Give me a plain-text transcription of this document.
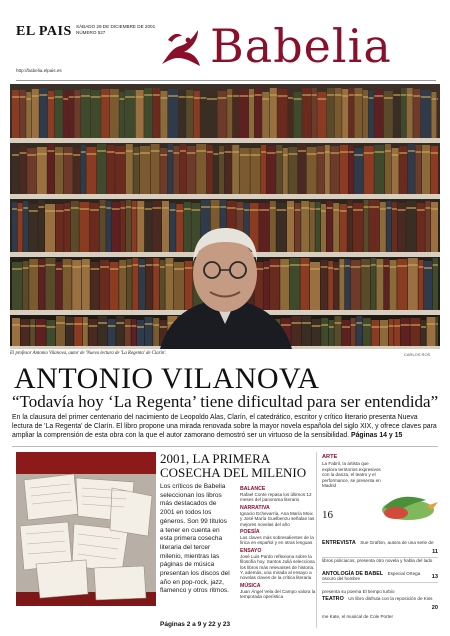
EL PAIS SÁBADO 29 DE DICIEMBRE DE 2001
NÚMERO 527
http://babelia.elpais.es	Babelia
El profesor Antonio Vilanova, autor de 'Nueva lectura de 'La Regenta' de Clarín'.	CARLOS ROS
ANTONIO VILANOVA
“Todavía hoy ‘La Regenta’ tiene dificultad para ser entendida”
En la clausura del primer centenario del nacimiento de Leopoldo Alas, Clarín, el catedrático, escritor y crítico literario presenta Nueva lectura de 'La Regenta' de Clarín. El libro propone una mirada renovada sobre la mayor novela española del siglo XIX, y ofrece claves para ampliar la comprensión de esta obra con la que el autor zamorano demostró ser un virtuoso de la sensibilidad. Páginas 14 y 15
2001, LA PRIMERA COSECHA DEL MILENIO
Los críticos de Babelia seleccionan los libros más destacados de 2001 en todos los géneros. Son 99 títulos a tener en cuenta en esta primera cosecha literaria del tercer milenio, mientras las páginas de música presentan los discos del año en pop-rock, jazz, flamenco y otros ritmos.
Páginas 2 a 9 y 22 y 23
BALANCE
Rafael Conte repasa los últimos 12 meses del panorama literario
NARRATIVA
Ignacio Echevarría, Ana María Moix y José María Guelbenzu señalan las mejores novelas del año
POESÍA
Las claves más sobresalientes de la lírica en español y en otras lenguas
ENSAYO
José Luis Pardo reflexiona sobre la filosofía hoy. Santos Juliá selecciona los libros más relevantes de historia. Y, además, una mirada al ensayo a novelas claves de la crítica literaria
MÚSICA
Juan Ángel Vela del Campo valora la temporada operística
ARTE
La Fabril, la artista que explora territorios expresivos con la danza, el teatro y el performance, se presenta en Madrid
16
ENTREVISTA Sue Grafton, autora de una serie de libros policiacos, presenta otro novela y habla del lado oscuro del hombre
11
ANTOLOGÍA DE BABEL Especial Ortega presenta su poema El tiempo turbio
13
TEATRO Un libro disfruta con la reposición de Kiss me Kate, el musical de Cole Porter
20
